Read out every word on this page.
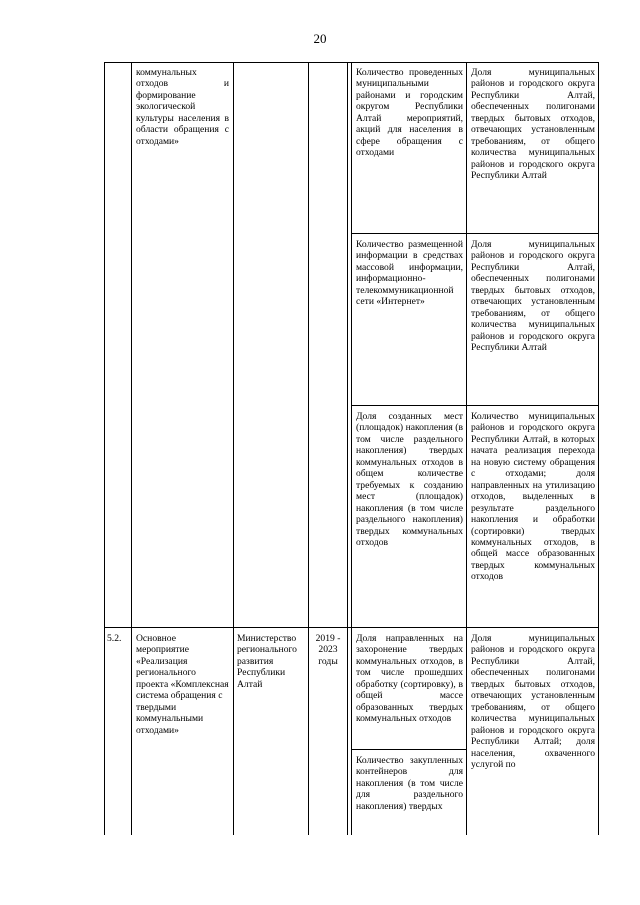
20
коммунальных отходов и формирование экологической культуры населения в области обращения с отходами»
Количество проведенных муниципальными районами и городским округом Республики Алтай мероприятий, акций для населения в сфере обращения с отходами
Доля муниципальных районов и городского округа Республики Алтай, обеспеченных полигонами твердых бытовых отходов, отвечающих установленным требованиям, от общего количества муниципальных районов и городского округа Республики Алтай
Количество размещенной информации в средствах массовой информации, информационно-телекоммуникационной сети «Интернет»
Доля муниципальных районов и городского округа Республики Алтай, обеспеченных полигонами твердых бытовых отходов, отвечающих установленным требованиям, от общего количества муниципальных районов и городского округа Республики Алтай
Доля созданных мест (площадок) накопления (в том числе раздельного накопления) твердых коммунальных отходов в общем количестве требуемых к созданию мест (площадок) накопления (в том числе раздельного накопления) твердых коммунальных отходов
Количество муниципальных районов и городского округа Республики Алтай, в которых начата реализация перехода на новую систему обращения с отходами; доля направленных на утилизацию отходов, выделенных в результате раздельного накопления и обработки (сортировки) твердых коммунальных отходов, в общей массе образованных твердых коммунальных отходов
5.2.	Основное мероприятие «Реализация регионального проекта «Комплексная система обращения с твердыми коммунальными отходами»
Министерство регионального развития Республики Алтай
2019 - 2023 годы
Доля направленных на захоронение твердых коммунальных отходов, в том числе прошедших обработку (сортировку), в общей массе образованных твердых коммунальных отходов
Количество закупленных контейнеров для накопления (в том числе для раздельного накопления) твердых
Доля муниципальных районов и городского округа Республики Алтай, обеспеченных полигонами твердых бытовых отходов, отвечающих установленным требованиям, от общего количества муниципальных районов и городского округа Республики Алтай; доля населения, охваченного услугой по
